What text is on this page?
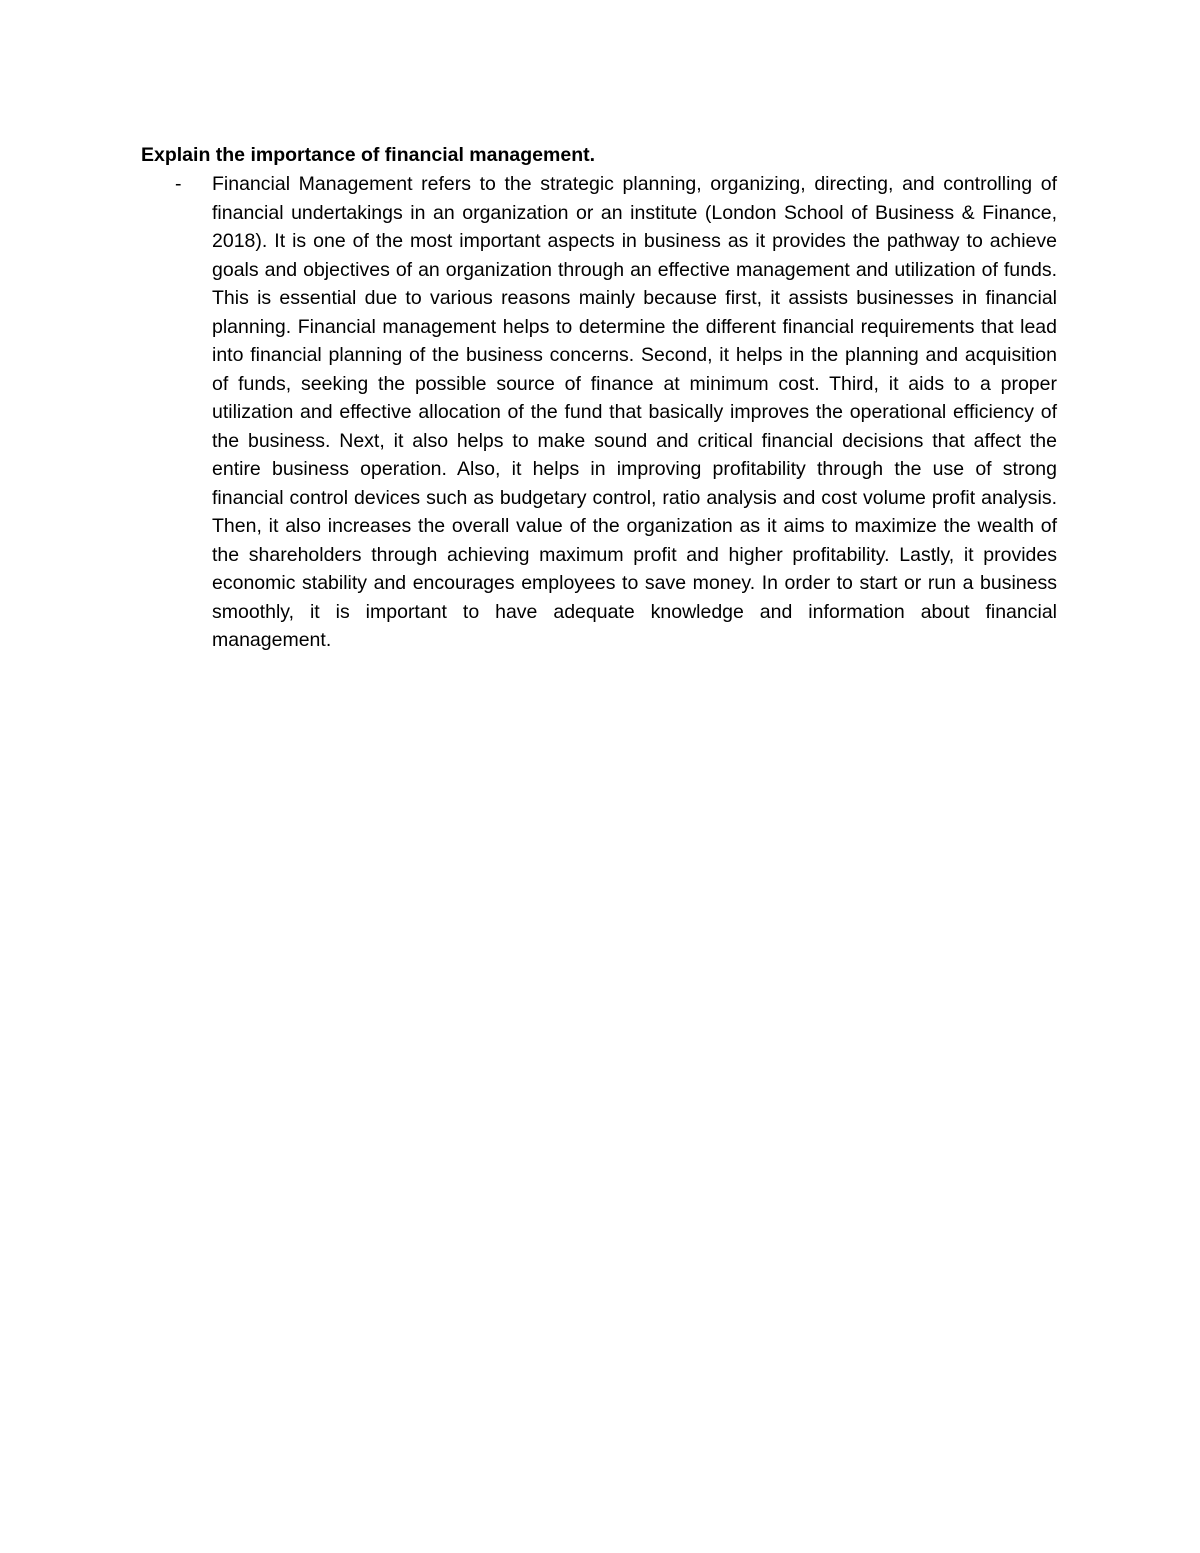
Explain the importance of financial management.

- Financial Management refers to the strategic planning, organizing, directing, and controlling of financial undertakings in an organization or an institute (London School of Business & Finance, 2018). It is one of the most important aspects in business as it provides the pathway to achieve goals and objectives of an organization through an effective management and utilization of funds. This is essential due to various reasons mainly because first, it assists businesses in financial planning. Financial management helps to determine the different financial requirements that lead into financial planning of the business concerns. Second, it helps in the planning and acquisition of funds, seeking the possible source of finance at minimum cost. Third, it aids to a proper utilization and effective allocation of the fund that basically improves the operational efficiency of the business. Next, it also helps to make sound and critical financial decisions that affect the entire business operation. Also, it helps in improving profitability through the use of strong financial control devices such as budgetary control, ratio analysis and cost volume profit analysis. Then, it also increases the overall value of the organization as it aims to maximize the wealth of the shareholders through achieving maximum profit and higher profitability. Lastly, it provides economic stability and encourages employees to save money. In order to start or run a business smoothly, it is important to have adequate knowledge and information about financial management.
